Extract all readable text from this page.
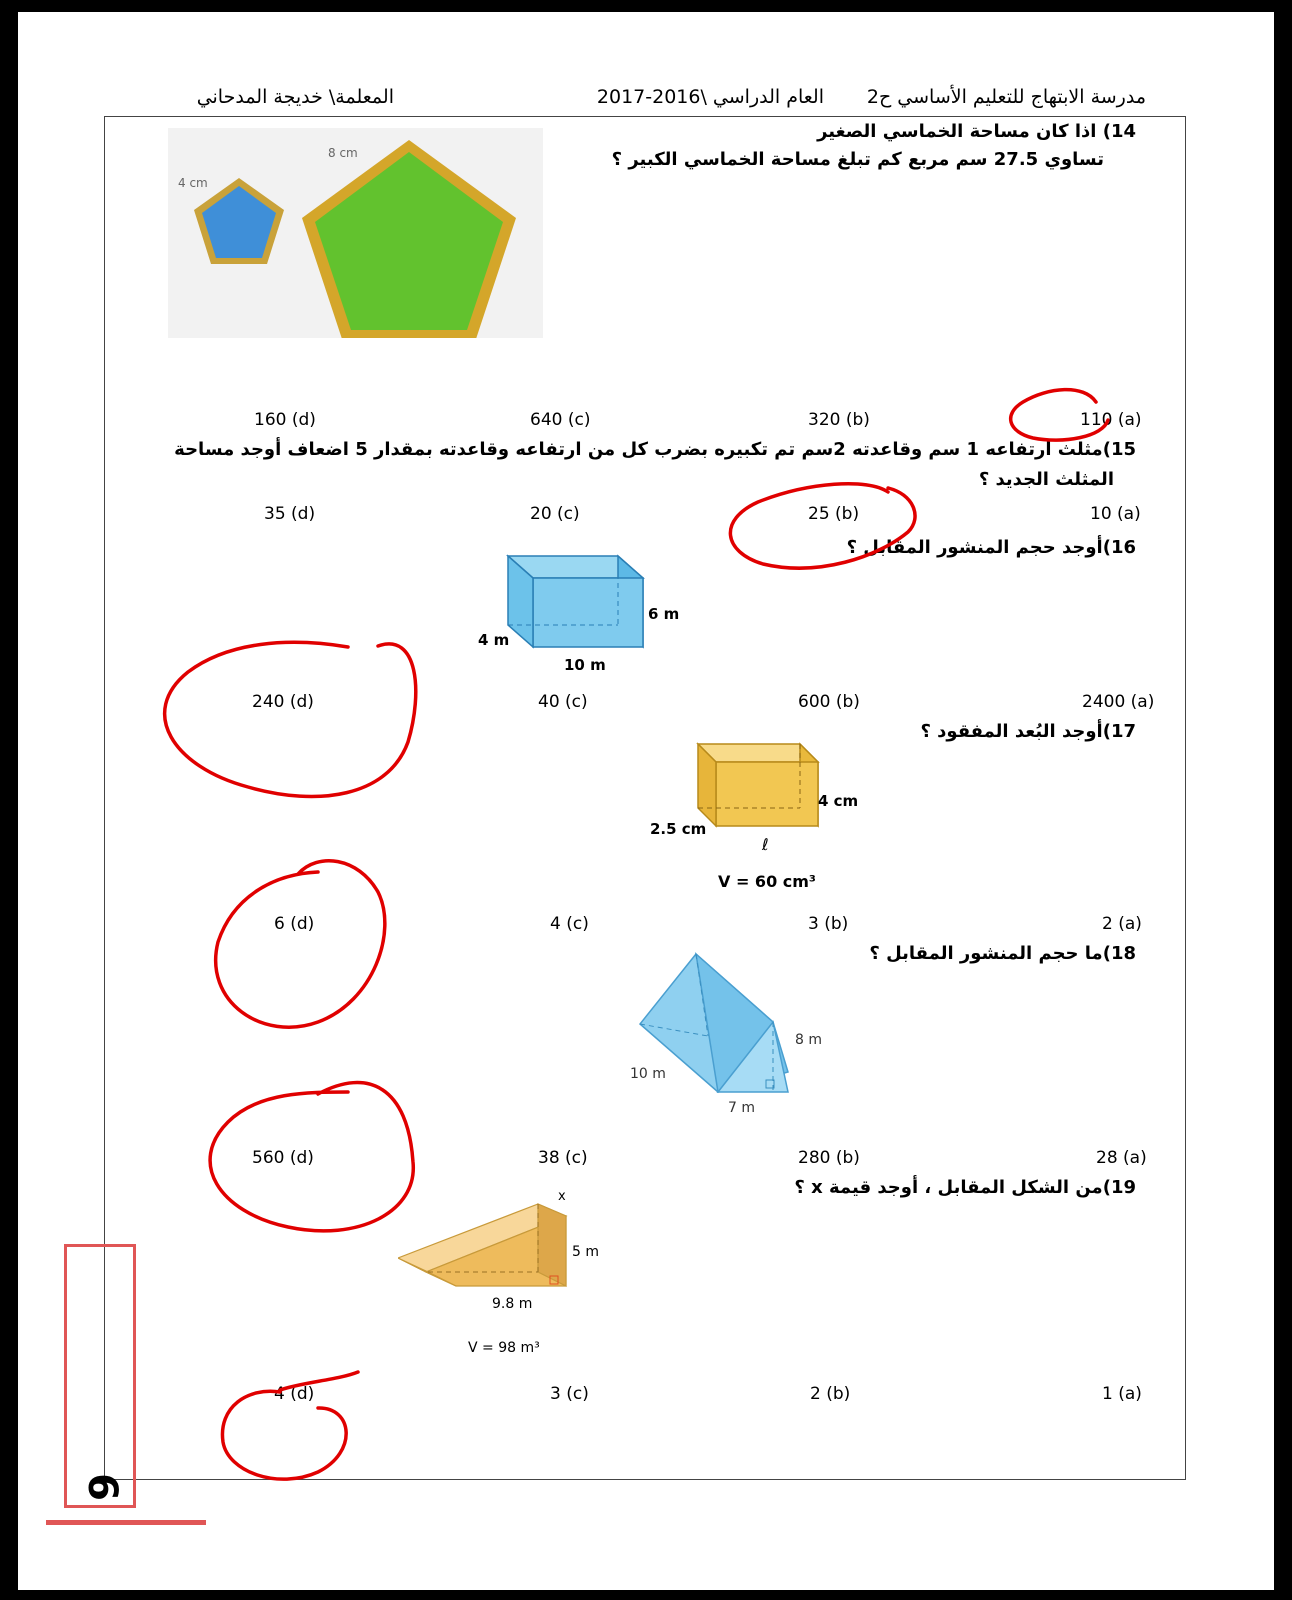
مدرسة الابتهاج للتعليم الأساسي ح2
العام الدراسي \2016-2017
المعلمة\ خديجة المدحاني
14) اذا كان مساحة الخماسي الصغير
تساوي 27.5 سم مربع كم تبلغ مساحة الخماسي الكبير ؟
4 cm
8 cm
110 (a)
320 (b)
640 (c)
160 (d)
15)مثلث ارتفاعه 1 سم وقاعدته 2سم تم تكبيره بضرب كل من ارتفاعه وقاعدته بمقدار 5 اضعاف أوجد مساحة
المثلث الجديد ؟
10 (a)
25 (b)
20 (c)
35 (d)
16)أوجد حجم المنشور المقابل ؟
6 m
4 m
10 m
2400 (a)
600 (b)
40 (c)
240 (d)
17)أوجد البُعد المفقود ؟
4 cm
2.5 cm
ℓ
V = 60 cm³
2 (a)
3 (b)
4 (c)
6 (d)
18)ما حجم المنشور المقابل ؟
8 m
10 m
7 m
28 (a)
280 (b)
38 (c)
560 (d)
19)من الشكل المقابل ، أوجد قيمة x ؟
x
5 m
9.8 m
V = 98 m³
1 (a)
2 (b)
3 (c)
4 (d)
6
